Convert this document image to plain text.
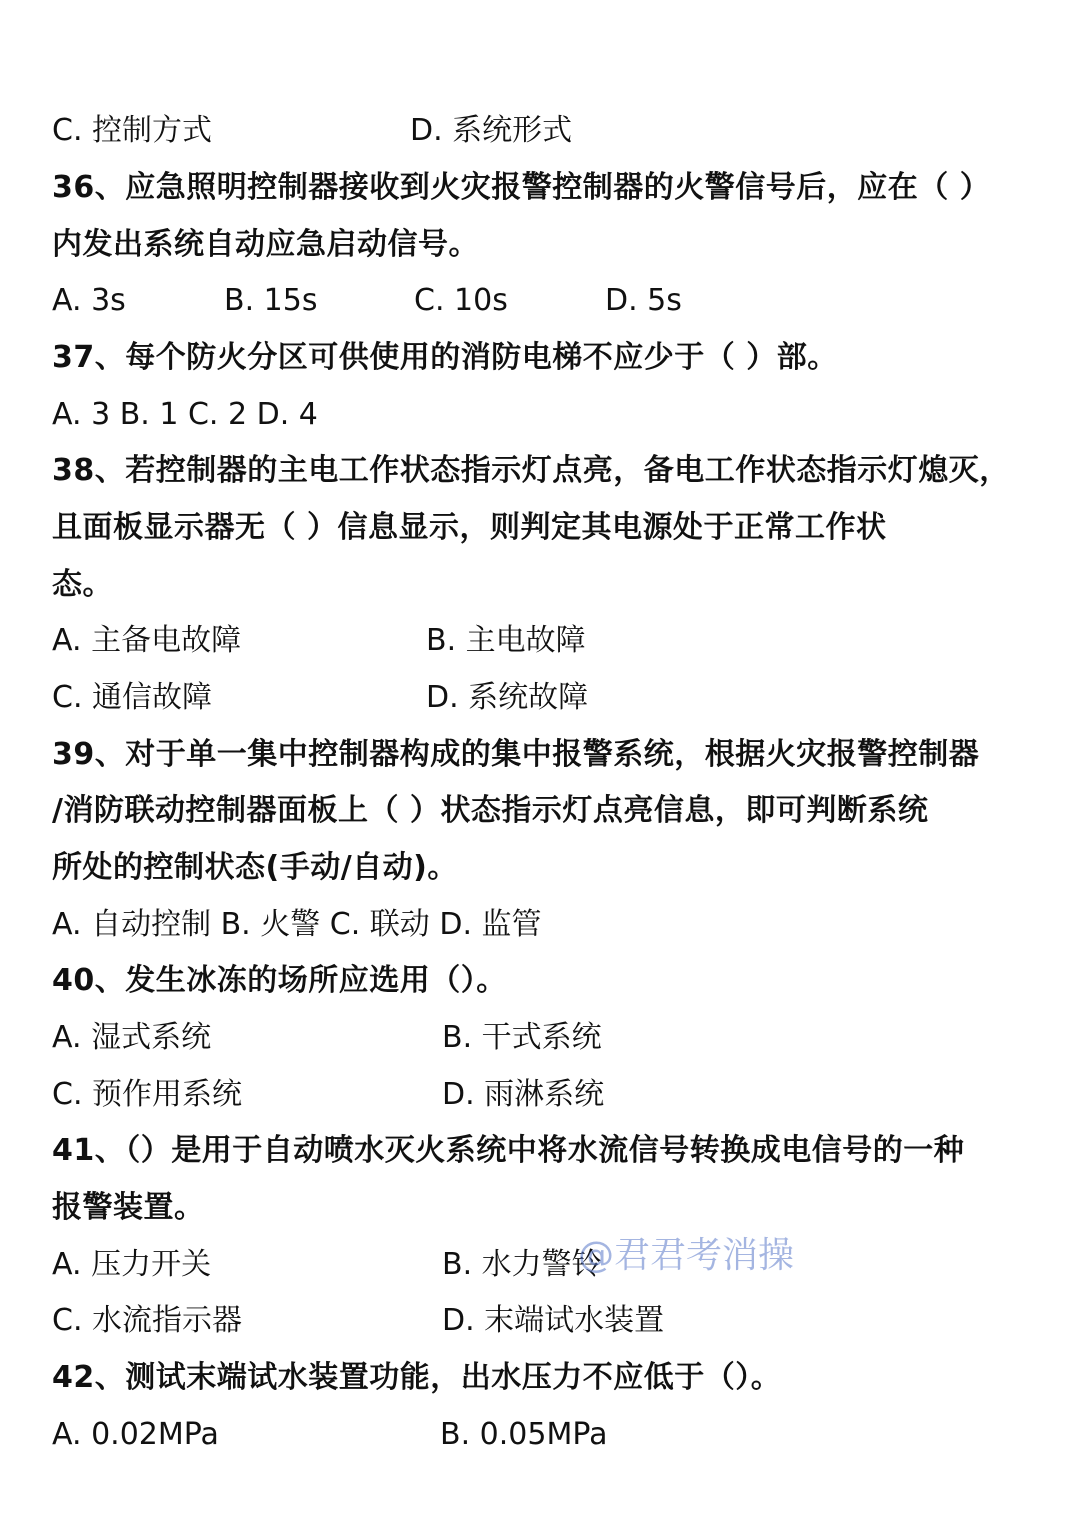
C. 控制方式	D. 系统形式
36、应急照明控制器接收到火灾报警控制器的火警信号后，应在（ ）
内发出系统自动应急启动信号。
A. 3s	B. 15s	C. 10s	D. 5s
37、每个防火分区可供使用的消防电梯不应少于（ ）部。
A. 3 B. 1 C. 2 D. 4
38、若控制器的主电工作状态指示灯点亮，备电工作状态指示灯熄灭，
且面板显示器无（ ）信息显示，则判定其电源处于正常工作状
态。
A. 主备电故障	B. 主电故障
C. 通信故障	D. 系统故障
39、对于单一集中控制器构成的集中报警系统，根据火灾报警控制器
/消防联动控制器面板上（ ）状态指示灯点亮信息，即可判断系统
所处的控制状态(手动/自动)。
A. 自动控制 B. 火警 C. 联动 D. 监管
40、发生冰冻的场所应选用（）。
A. 湿式系统	B. 干式系统
C. 预作用系统	D. 雨淋系统
41、（）是用于自动喷水灭火系统中将水流信号转换成电信号的一种
报警装置。
A. 压力开关	B. 水力警铃
C. 水流指示器	D. 末端试水装置
42、测试末端试水装置功能，出水压力不应低于（）。
A. 0.02MPa	B. 0.05MPa
@君君考消操
